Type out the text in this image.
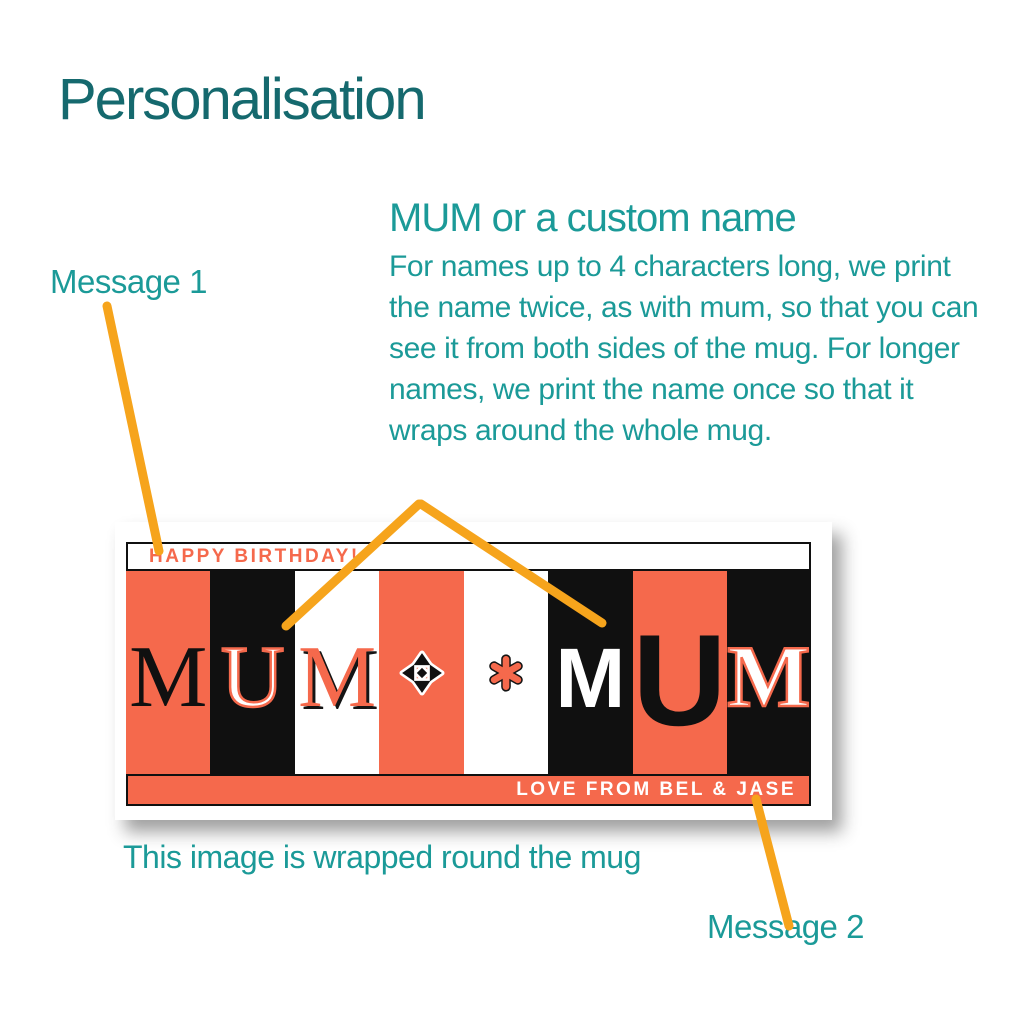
Personalisation
Message 1
Message 2
MUM or a custom name
For names up to 4 characters long, we print the name twice, as with mum, so that you can see it from both sides of the mug. For longer names, we print the name once so that it wraps around the whole mug.
HAPPY BIRTHDAY!
M U M M U M
LOVE FROM BEL & JASE
This image is wrapped round the mug
